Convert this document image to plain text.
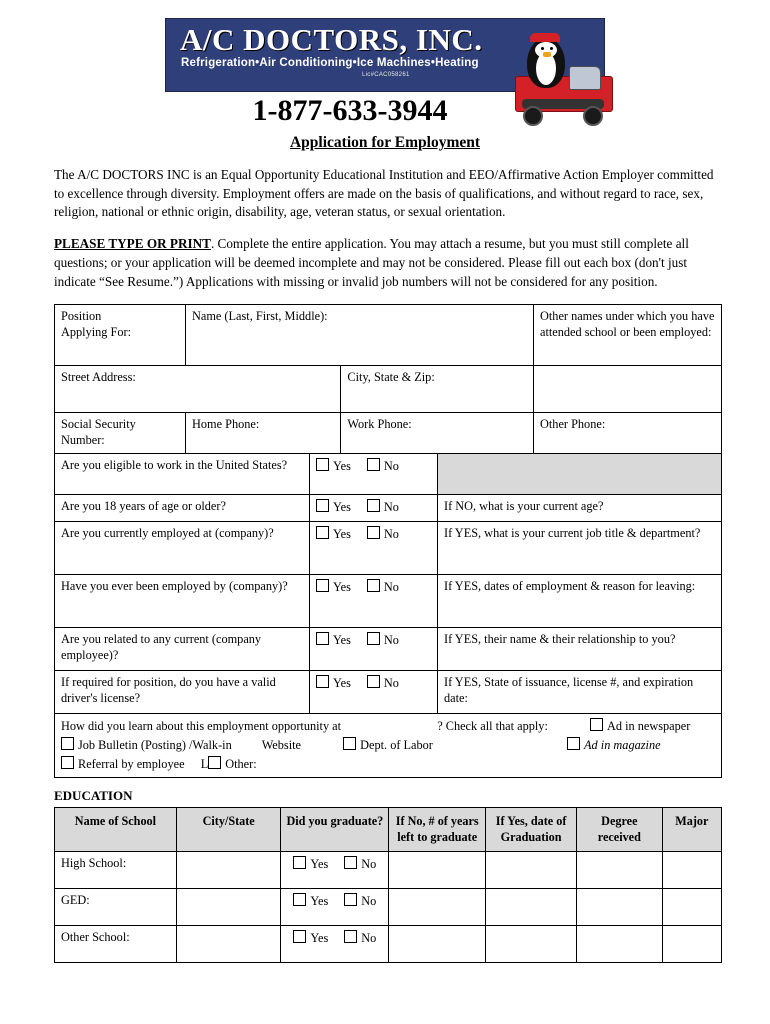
A/C DOCTORS, INC.
Refrigeration•Air Conditioning•Ice Machines•Heating
Lic#CAC058261
1-877-633-3944
Application for Employment

The A/C DOCTORS INC is an Equal Opportunity Educational Institution and EEO/Affirmative Action Employer committed to excellence through diversity. Employment offers are made on the basis of qualifications, and without regard to race, sex, religion, national or ethnic origin, disability, age, veteran status, or sexual orientation.

PLEASE TYPE OR PRINT. Complete the entire application. You may attach a resume, but you must still complete all questions; or your application will be deemed incomplete and may not be considered. Please fill out each box (don't just indicate “See Resume.”) Applications with missing or invalid job numbers will not be considered for any position.

Position
Applying For:	Name (Last, First, Middle):		Other names under which you have attended school or been employed:
Street Address:		City, State & Zip:	
Social Security Number:	Home Phone:	Work Phone:	Other Phone:
Are you eligible to work in the United States?	Yes No	
Are you 18 years of age or older?	Yes No	If NO, what is your current age?
Are you currently employed at (company)?	Yes No	If YES, what is your current job title & department?
Have you ever been employed by (company)?	Yes No	If YES, dates of employment & reason for leaving:
Are you related to any current (company employee)?	Yes No	If YES, their name & their relationship to you?
If required for position, do you have a valid driver's license?	Yes No	If YES, State of issuance, license #, and expiration date:

How did you learn about this employment opportunity at ? Check all that apply: Ad in newspaper
Job Bulletin (Posting) /Walk-in Website Dept. of Labor Ad in magazine
Referral by employee L Other:		
EDUCATION
Name of School	City/State	Did you graduate?	If No, # of years left to graduate	If Yes, date of Graduation	Degree received	Major
High School:		Yes No				
GED:		Yes No				
Other School:		Yes No				
